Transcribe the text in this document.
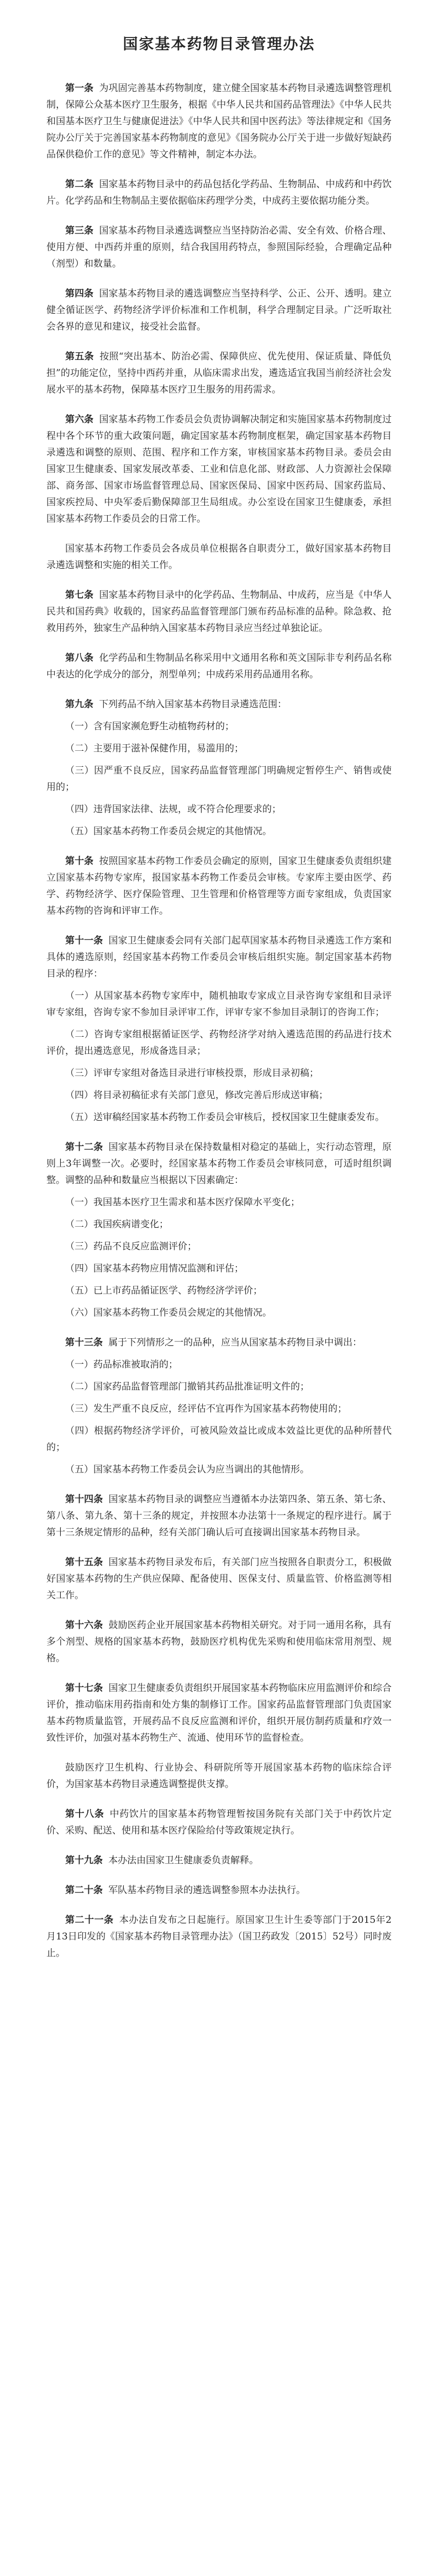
国家基本药物目录管理办法

第一条 为巩固完善基本药物制度，建立健全国家基本药物目录遴选调整管理机制，保障公众基本医疗卫生服务，根据《中华人民共和国药品管理法》《中华人民共和国基本医疗卫生与健康促进法》《中华人民共和国中医药法》等法律规定和《国务院办公厅关于完善国家基本药物制度的意见》《国务院办公厅关于进一步做好短缺药品保供稳价工作的意见》等文件精神，制定本办法。

第二条 国家基本药物目录中的药品包括化学药品、生物制品、中成药和中药饮片。化学药品和生物制品主要依据临床药理学分类，中成药主要依据功能分类。

第三条 国家基本药物目录遴选调整应当坚持防治必需、安全有效、价格合理、使用方便、中西药并重的原则，结合我国用药特点，参照国际经验，合理确定品种（剂型）和数量。

第四条 国家基本药物目录的遴选调整应当坚持科学、公正、公开、透明。建立健全循证医学、药物经济学评价标准和工作机制，科学合理制定目录。广泛听取社会各界的意见和建议，接受社会监督。

第五条 按照“突出基本、防治必需、保障供应、优先使用、保证质量、降低负担”的功能定位，坚持中西药并重，从临床需求出发，遴选适宜我国当前经济社会发展水平的基本药物，保障基本医疗卫生服务的用药需求。

第六条 国家基本药物工作委员会负责协调解决制定和实施国家基本药物制度过程中各个环节的重大政策问题，确定国家基本药物制度框架，确定国家基本药物目录遴选和调整的原则、范围、程序和工作方案，审核国家基本药物目录。委员会由国家卫生健康委、国家发展改革委、工业和信息化部、财政部、人力资源社会保障部、商务部、国家市场监督管理总局、国家医保局、国家中医药局、国家药监局、国家疾控局、中央军委后勤保障部卫生局组成。办公室设在国家卫生健康委，承担国家基本药物工作委员会的日常工作。

国家基本药物工作委员会各成员单位根据各自职责分工，做好国家基本药物目录遴选调整和实施的相关工作。

第七条 国家基本药物目录中的化学药品、生物制品、中成药，应当是《中华人民共和国药典》收载的，国家药品监督管理部门颁布药品标准的品种。除急救、抢救用药外，独家生产品种纳入国家基本药物目录应当经过单独论证。

第八条 化学药品和生物制品名称采用中文通用名称和英文国际非专利药品名称中表达的化学成分的部分，剂型单列；中成药采用药品通用名称。

第九条 下列药品不纳入国家基本药物目录遴选范围：

（一）含有国家濒危野生动植物药材的；

（二）主要用于滋补保健作用，易滥用的；

（三）因严重不良反应，国家药品监督管理部门明确规定暂停生产、销售或使用的；

（四）违背国家法律、法规，或不符合伦理要求的；

（五）国家基本药物工作委员会规定的其他情况。

第十条 按照国家基本药物工作委员会确定的原则，国家卫生健康委负责组织建立国家基本药物专家库，报国家基本药物工作委员会审核。专家库主要由医学、药学、药物经济学、医疗保险管理、卫生管理和价格管理等方面专家组成，负责国家基本药物的咨询和评审工作。

第十一条 国家卫生健康委会同有关部门起草国家基本药物目录遴选工作方案和具体的遴选原则，经国家基本药物工作委员会审核后组织实施。制定国家基本药物目录的程序：

（一）从国家基本药物专家库中，随机抽取专家成立目录咨询专家组和目录评审专家组，咨询专家不参加目录评审工作，评审专家不参加目录制订的咨询工作；

（二）咨询专家组根据循证医学、药物经济学对纳入遴选范围的药品进行技术评价，提出遴选意见，形成备选目录；

（三）评审专家组对备选目录进行审核投票，形成目录初稿；

（四）将目录初稿征求有关部门意见，修改完善后形成送审稿；

（五）送审稿经国家基本药物工作委员会审核后，授权国家卫生健康委发布。

第十二条 国家基本药物目录在保持数量相对稳定的基础上，实行动态管理，原则上3年调整一次。必要时，经国家基本药物工作委员会审核同意，可适时组织调整。调整的品种和数量应当根据以下因素确定：

（一）我国基本医疗卫生需求和基本医疗保障水平变化；

（二）我国疾病谱变化；

（三）药品不良反应监测评价；

（四）国家基本药物应用情况监测和评估；

（五）已上市药品循证医学、药物经济学评价；

（六）国家基本药物工作委员会规定的其他情况。

第十三条 属于下列情形之一的品种，应当从国家基本药物目录中调出：

（一）药品标准被取消的；

（二）国家药品监督管理部门撤销其药品批准证明文件的；

（三）发生严重不良反应，经评估不宜再作为国家基本药物使用的；

（四）根据药物经济学评价，可被风险效益比或成本效益比更优的品种所替代的；

（五）国家基本药物工作委员会认为应当调出的其他情形。

第十四条 国家基本药物目录的调整应当遵循本办法第四条、第五条、第七条、第八条、第九条、第十三条的规定，并按照本办法第十一条规定的程序进行。属于第十三条规定情形的品种，经有关部门确认后可直接调出国家基本药物目录。

第十五条 国家基本药物目录发布后，有关部门应当按照各自职责分工，积极做好国家基本药物的生产供应保障、配备使用、医保支付、质量监管、价格监测等相关工作。

第十六条 鼓励医药企业开展国家基本药物相关研究。对于同一通用名称，具有多个剂型、规格的国家基本药物，鼓励医疗机构优先采购和使用临床常用剂型、规格。

第十七条 国家卫生健康委负责组织开展国家基本药物临床应用监测评价和综合评价，推动临床用药指南和处方集的制修订工作。国家药品监督管理部门负责国家基本药物质量监管，开展药品不良反应监测和评价，组织开展仿制药质量和疗效一致性评价，加强对基本药物生产、流通、使用环节的监督检查。

鼓励医疗卫生机构、行业协会、科研院所等开展国家基本药物的临床综合评价，为国家基本药物目录遴选调整提供支撑。

第十八条 中药饮片的国家基本药物管理暂按国务院有关部门关于中药饮片定价、采购、配送、使用和基本医疗保险给付等政策规定执行。

第十九条 本办法由国家卫生健康委负责解释。

第二十条 军队基本药物目录的遴选调整参照本办法执行。

第二十一条 本办法自发布之日起施行。原国家卫生计生委等部门于2015年2月13日印发的《国家基本药物目录管理办法》（国卫药政发〔2015〕52号）同时废止。
